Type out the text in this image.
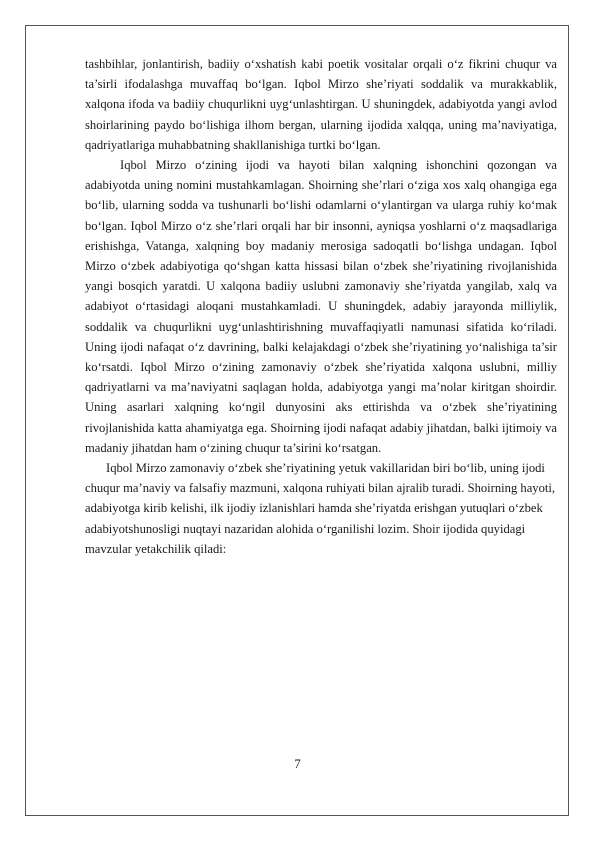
tashbihlar, jonlantirish, badiiy o‘xshatish kabi poetik vositalar orqali o‘z fikrini chuqur va ta’sirli ifodalashga muvaffaq bo‘lgan. Iqbol Mirzo she’riyati soddalik va murakkablik, xalqona ifoda va badiiy chuqurlikni uyg‘unlashtirgan. U shuningdek, adabiyotda yangi avlod shoirlarining paydo bo‘lishiga ilhom bergan, ularning ijodida xalqqa, uning ma’naviyatiga, qadriyatlariga muhabbatning shakllanishiga turtki bo‘lgan.

Iqbol Mirzo o‘zining ijodi va hayoti bilan xalqning ishonchini qozongan va adabiyotda uning nomini mustahkamlagan. Shoirning she’rlari o‘ziga xos xalq ohangiga ega bo‘lib, ularning sodda va tushunarli bo‘lishi odamlarni o‘ylantirgan va ularga ruhiy ko‘mak bo‘lgan. Iqbol Mirzo o‘z she’rlari orqali har bir insonni, ayniqsa yoshlarni o‘z maqsadlariga erishishga, Vatanga, xalqning boy madaniy merosiga sadoqatli bo‘lishga undagan. Iqbol Mirzo o‘zbek adabiyotiga qo‘shgan katta hissasi bilan o‘zbek she’riyatining rivojlanishida yangi bosqich yaratdi. U xalqona badiiy uslubni zamonaviy she’riyatda yangilab, xalq va adabiyot o‘rtasidagi aloqani mustahkamladi. U shuningdek, adabiy jarayonda milliylik, soddalik va chuqurlikni uyg‘unlashtirishning muvaffaqiyatli namunasi sifatida ko‘riladi. Uning ijodi nafaqat o‘z davrining, balki kelajakdagi o‘zbek she’riyatining yo‘nalishiga ta’sir ko‘rsatdi. Iqbol Mirzo o‘zining zamonaviy o‘zbek she’riyatida xalqona uslubni, milliy qadriyatlarni va ma’naviyatni saqlagan holda, adabiyotga yangi ma’nolar kiritgan shoirdir. Uning asarlari xalqning ko‘ngil dunyosini aks ettirishda va o‘zbek she’riyatining rivojlanishida katta ahamiyatga ega. Shoirning ijodi nafaqat adabiy jihatdan, balki ijtimoiy va madaniy jihatdan ham o‘zining chuqur ta’sirini ko‘rsatgan.

Iqbol Mirzo zamonaviy o‘zbek she’riyatining yetuk vakillaridan biri bo‘lib, uning ijodi chuqur ma’naviy va falsafiy mazmuni, xalqona ruhiyati bilan ajralib turadi. Shoirning hayoti, adabiyotga kirib kelishi, ilk ijodiy izlanishlari hamda she’riyatda erishgan yutuqlari o‘zbek adabiyotshunosligi nuqtayi nazaridan alohida o‘rganilishi lozim. Shoir ijodida quyidagi mavzular yetakchilik qiladi:

7
